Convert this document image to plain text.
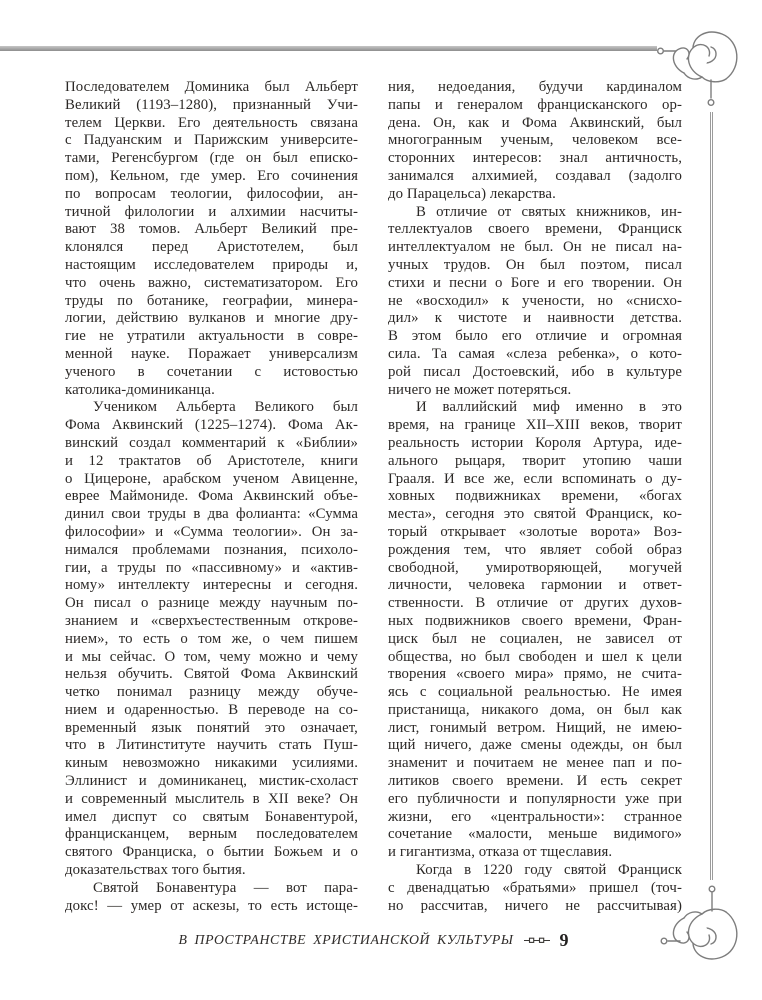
Последователем Доминика был Альберт
Великий (1193–1280), признанный Учи-
телем Церкви. Его деятельность связана
с Падуанским и Парижским университе-
тами, Регенсбургом (где он был еписко-
пом), Кельном, где умер. Его сочинения
по вопросам теологии, философии, ан-
тичной филологии и алхимии насчиты-
вают 38 томов. Альберт Великий пре-
клонялся перед Аристотелем, был
настоящим исследователем природы и,
что очень важно, систематизатором. Его
труды по ботанике, географии, минера-
логии, действию вулканов и многие дру-
гие не утратили актуальности в совре-
менной науке. Поражает универсализм
ученого в сочетании с истовостью
католика-доминиканца.
Учеником Альберта Великого был
Фома Аквинский (1225–1274). Фома Ак-
винский создал комментарий к «Библии»
и 12 трактатов об Аристотеле, книги
о Цицероне, арабском ученом Авиценне,
еврее Маймониде. Фома Аквинский объе-
динил свои труды в два фолианта: «Сумма
философии» и «Сумма теологии». Он за-
нимался проблемами познания, психоло-
гии, а труды по «пассивному» и «актив-
ному» интеллекту интересны и сегодня.
Он писал о разнице между научным по-
знанием и «сверхъестественным открове-
нием», то есть о том же, о чем пишем
и мы сейчас. О том, чему можно и чему
нельзя обучить. Святой Фома Аквинский
четко понимал разницу между обуче-
нием и одаренностью. В переводе на со-
временный язык понятий это означает,
что в Литинституте научить стать Пуш-
киным невозможно никакими усилиями.
Эллинист и доминиканец, мистик-схоласт
и современный мыслитель в XII веке? Он
имел диспут со святым Бонавентурой,
францисканцем, верным последователем
святого Франциска, о бытии Божьем и о
доказательствах того бытия.
Святой Бонавентура — вот пара-
докс! — умер от аскезы, то есть истоще-
ния, недоедания, будучи кардиналом
папы и генералом францисканского ор-
дена. Он, как и Фома Аквинский, был
многогранным ученым, человеком все-
сторонних интересов: знал античность,
занимался алхимией, создавал (задолго
до Парацельса) лекарства.
В отличие от святых книжников, ин-
теллектуалов своего времени, Франциск
интеллектуалом не был. Он не писал на-
учных трудов. Он был поэтом, писал
стихи и песни о Боге и его творении. Он
не «восходил» к учености, но «снисхо-
дил» к чистоте и наивности детства.
В этом было его отличие и огромная
сила. Та самая «слеза ребенка», о кото-
рой писал Достоевский, ибо в культуре
ничего не может потеряться.
И валлийский миф именно в это
время, на границе XII–XIII веков, творит
реальность истории Короля Артура, иде-
ального рыцаря, творит утопию чаши
Грааля. И все же, если вспоминать о ду-
ховных подвижниках времени, «богах
места», сегодня это святой Франциск, ко-
торый открывает «золотые ворота» Воз-
рождения тем, что являет собой образ
свободной, умиротворяющей, могучей
личности, человека гармонии и ответ-
ственности. В отличие от других духов-
ных подвижников своего времени, Фран-
циск был не социален, не зависел от
общества, но был свободен и шел к цели
творения «своего мира» прямо, не счита-
ясь с социальной реальностью. Не имея
пристанища, никакого дома, он был как
лист, гонимый ветром. Нищий, не имею-
щий ничего, даже смены одежды, он был
знаменит и почитаем не менее пап и по-
литиков своего времени. И есть секрет
его публичности и популярности уже при
жизни, его «центральности»: странное
сочетание «малости, меньше видимого»
и гигантизма, отказа от тщеславия.
Когда в 1220 году святой Франциск
с двенадцатью «братьями» пришел (точ-
но рассчитав, ничего не рассчитывая)
В ПРОСТРАНСТВЕ ХРИСТИАНСКОЙ КУЛЬТУРЫ	9
